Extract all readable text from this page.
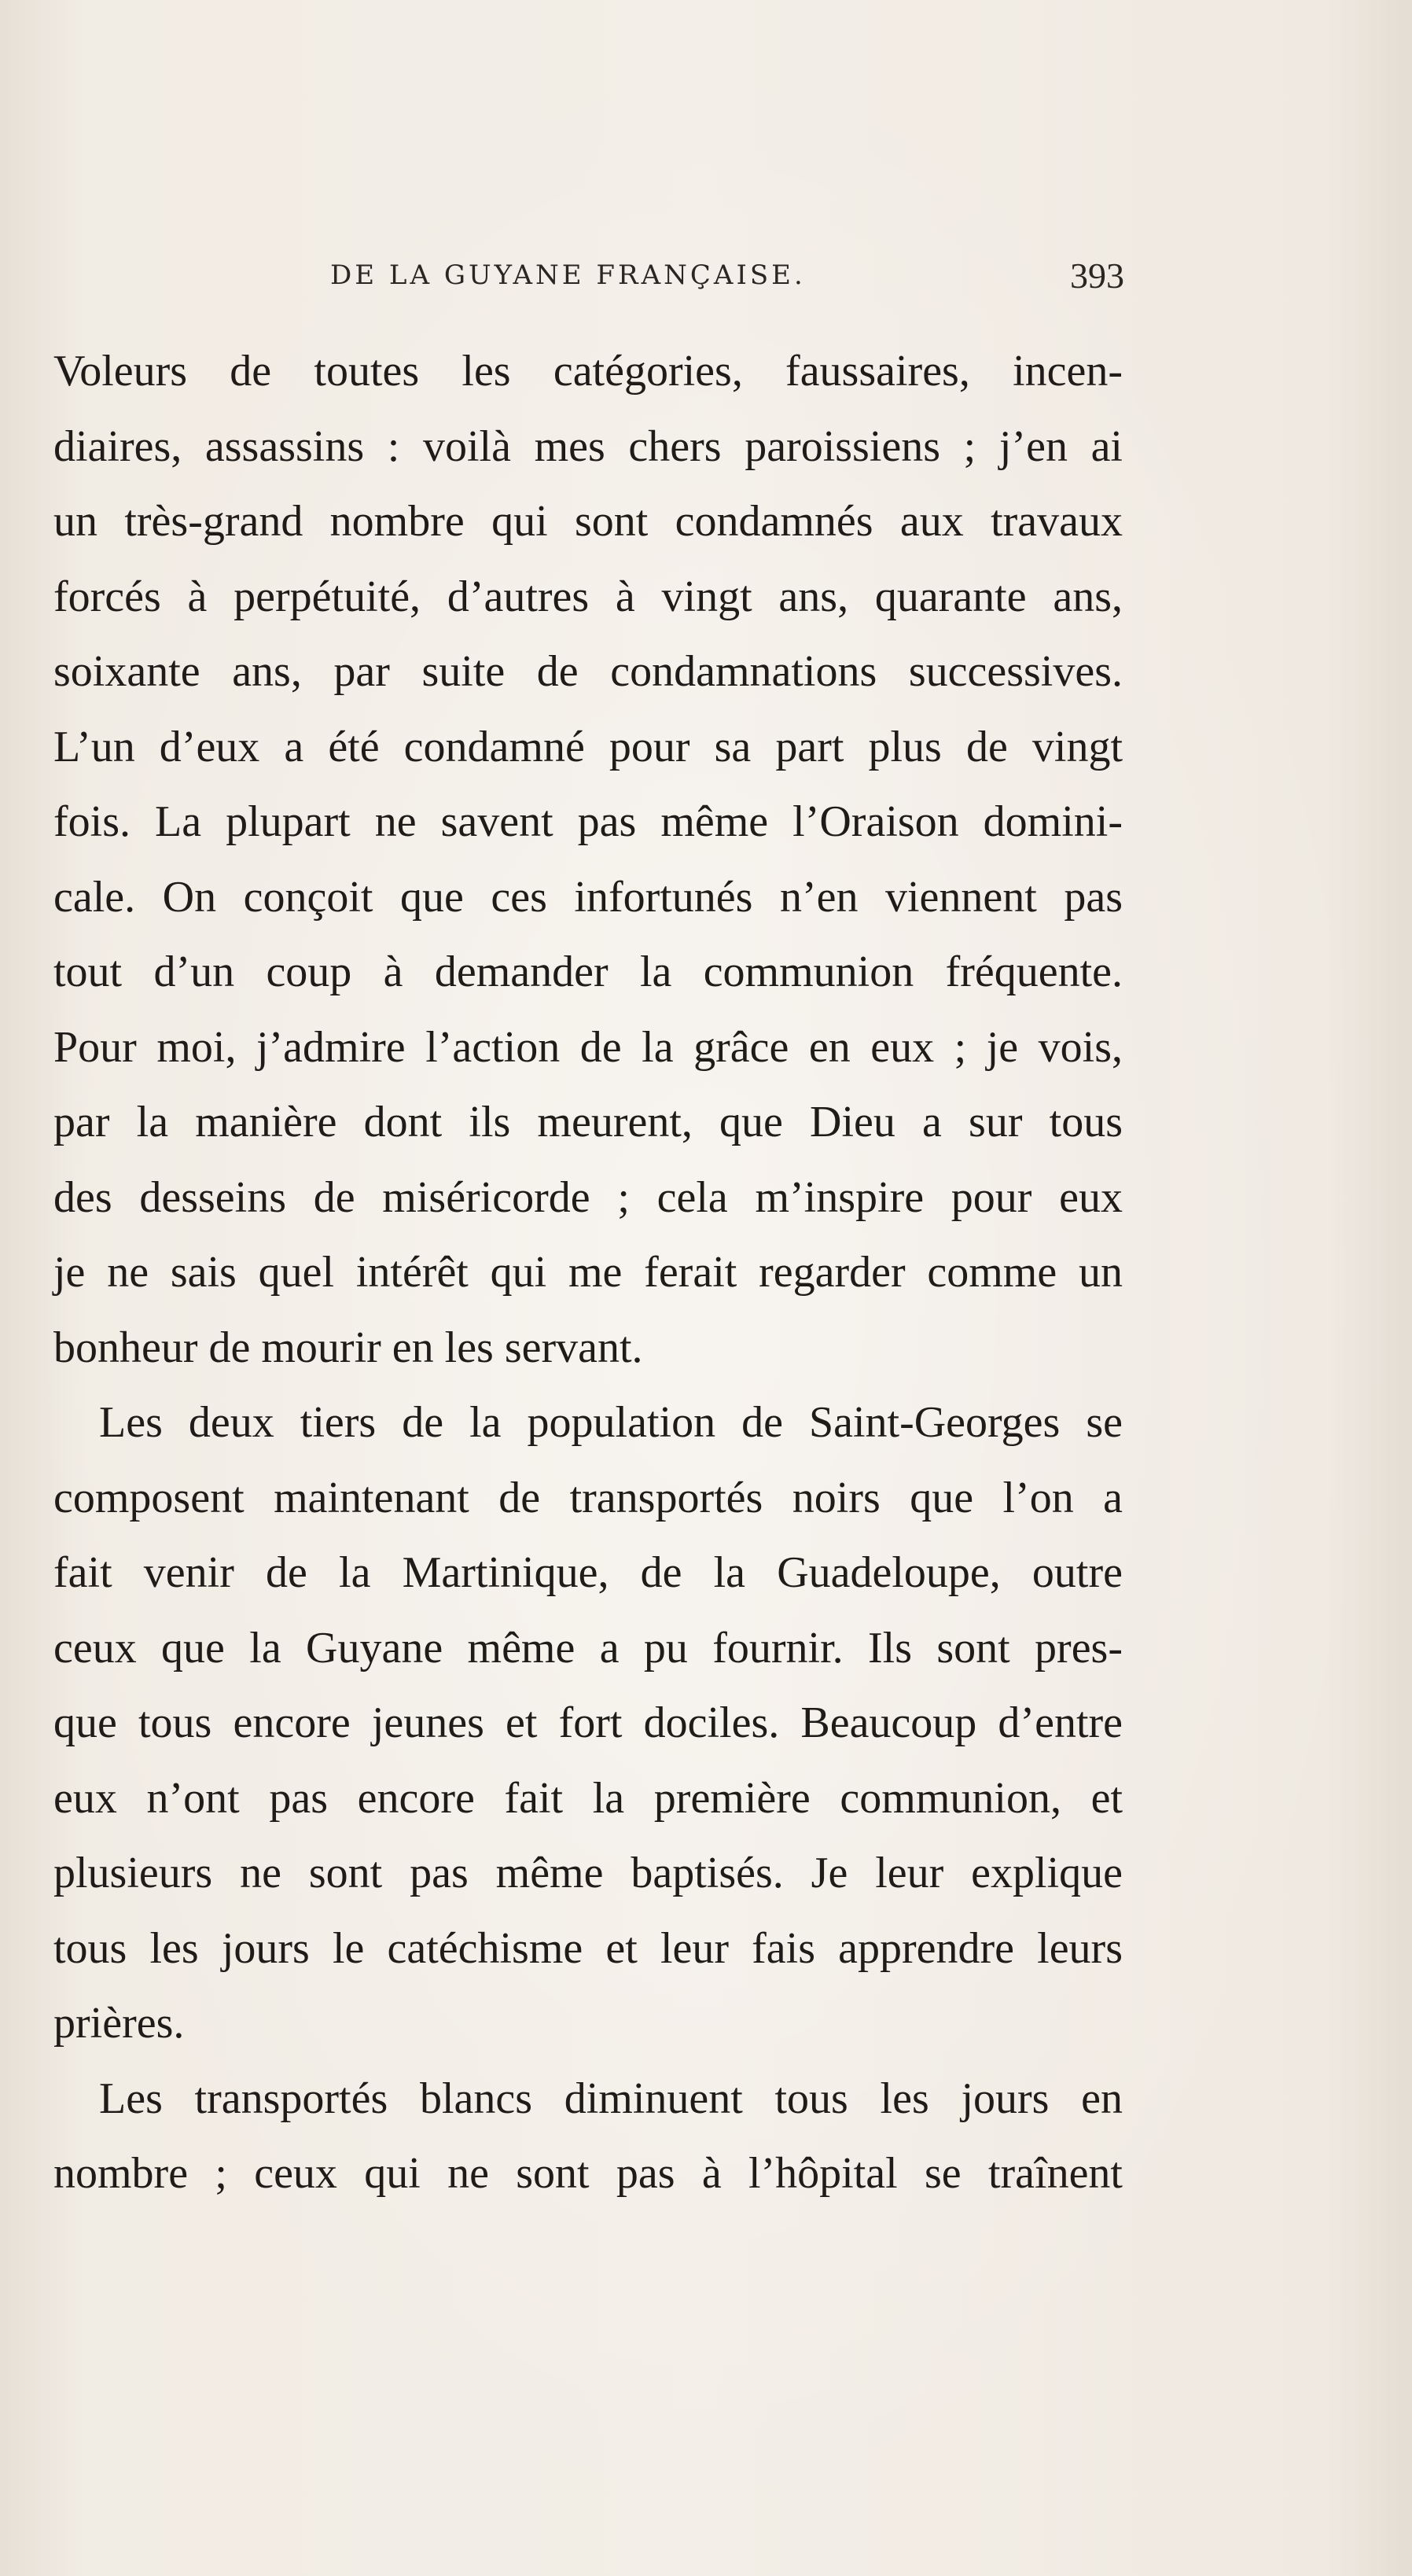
DE LA GUYANE FRANÇAISE.	393
Voleurs de toutes les catégories, faussaires, incen-
diaires, assassins : voilà mes chers paroissiens ; j’en ai
un très-grand nombre qui sont condamnés aux travaux
forcés à perpétuité, d’autres à vingt ans, quarante ans,
soixante ans, par suite de condamnations successives.
L’un d’eux a été condamné pour sa part plus de vingt
fois. La plupart ne savent pas même l’Oraison domini-
cale. On conçoit que ces infortunés n’en viennent pas
tout d’un coup à demander la communion fréquente.
Pour moi, j’admire l’action de la grâce en eux ; je vois,
par la manière dont ils meurent, que Dieu a sur tous
des desseins de miséricorde ; cela m’inspire pour eux
je ne sais quel intérêt qui me ferait regarder comme un
bonheur de mourir en les servant.
Les deux tiers de la population de Saint-Georges se
composent maintenant de transportés noirs que l’on a
fait venir de la Martinique, de la Guadeloupe, outre
ceux que la Guyane même a pu fournir. Ils sont pres-
que tous encore jeunes et fort dociles. Beaucoup d’entre
eux n’ont pas encore fait la première communion, et
plusieurs ne sont pas même baptisés. Je leur explique
tous les jours le catéchisme et leur fais apprendre leurs
prières.
Les transportés blancs diminuent tous les jours en
nombre ; ceux qui ne sont pas à l’hôpital se traînent
